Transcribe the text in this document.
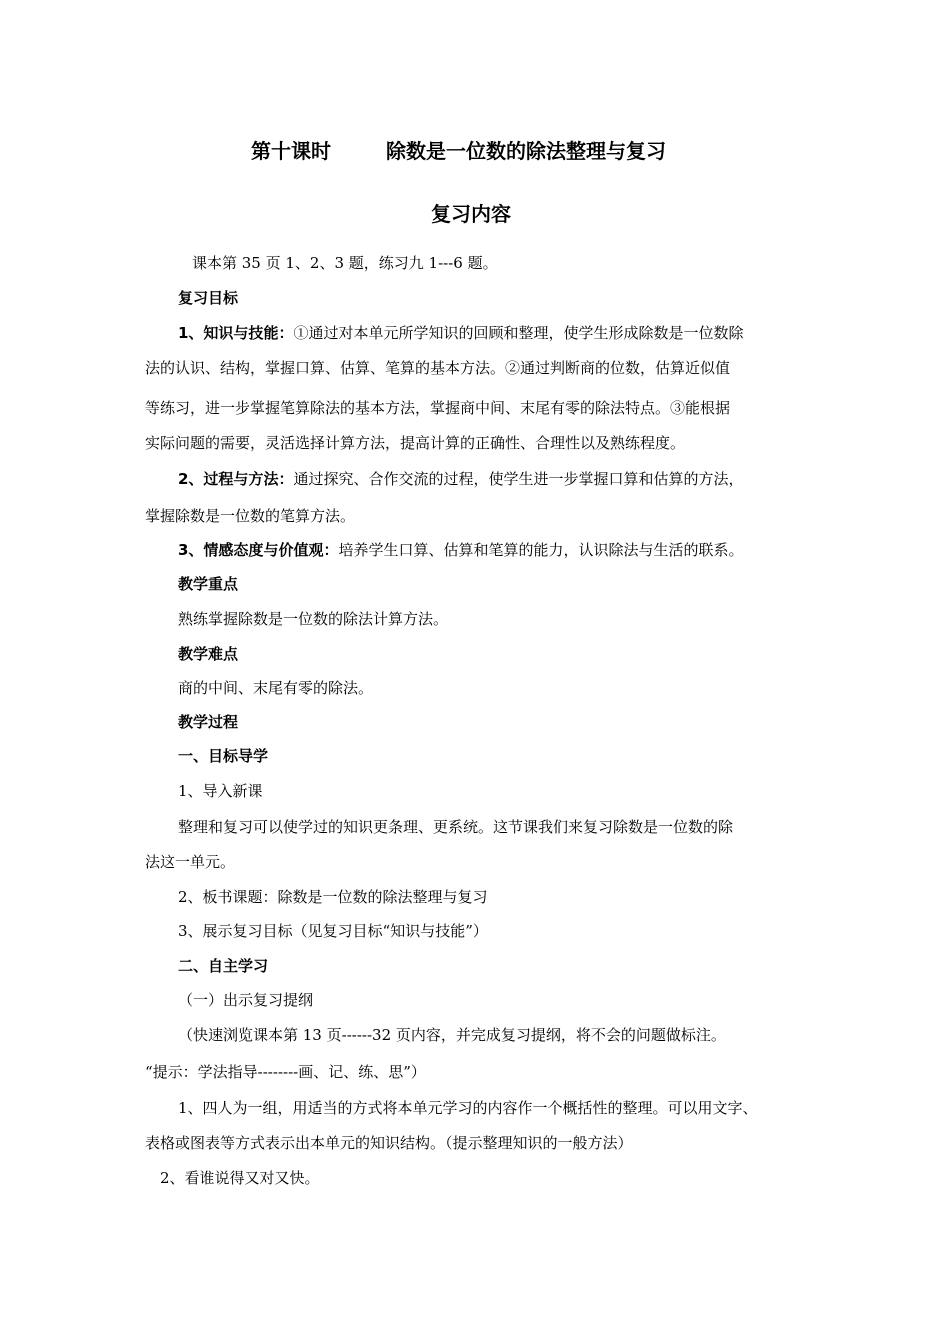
第十课时	除数是一位数的除法整理与复习
复习内容
课本第 35 页 1、2、3 题，练习九 1---6 题。
复习目标
1、知识与技能：①通过对本单元所学知识的回顾和整理，使学生形成除数是一位数除
法的认识、结构，掌握口算、估算、笔算的基本方法。②通过判断商的位数，估算近似值
等练习，进一步掌握笔算除法的基本方法，掌握商中间、末尾有零的除法特点。③能根据
实际问题的需要，灵活选择计算方法，提高计算的正确性、合理性以及熟练程度。
2、过程与方法：通过探究、合作交流的过程，使学生进一步掌握口算和估算的方法，
掌握除数是一位数的笔算方法。
3、情感态度与价值观：培养学生口算、估算和笔算的能力，认识除法与生活的联系。
教学重点
熟练掌握除数是一位数的除法计算方法。
教学难点
商的中间、末尾有零的除法。
教学过程
一、目标导学
1、导入新课
整理和复习可以使学过的知识更条理、更系统。这节课我们来复习除数是一位数的除
法这一单元。
2、板书课题：除数是一位数的除法整理与复习
3、展示复习目标（见复习目标“知识与技能”）
二、自主学习
（一）出示复习提纲
（快速浏览课本第 13 页------32 页内容，并完成复习提纲，将不会的问题做标注。
“提示：学法指导--------画、记、练、思”）
1、四人为一组，用适当的方式将本单元学习的内容作一个概括性的整理。可以用文字、
表格或图表等方式表示出本单元的知识结构。（提示整理知识的一般方法）
2、看谁说得又对又快。
